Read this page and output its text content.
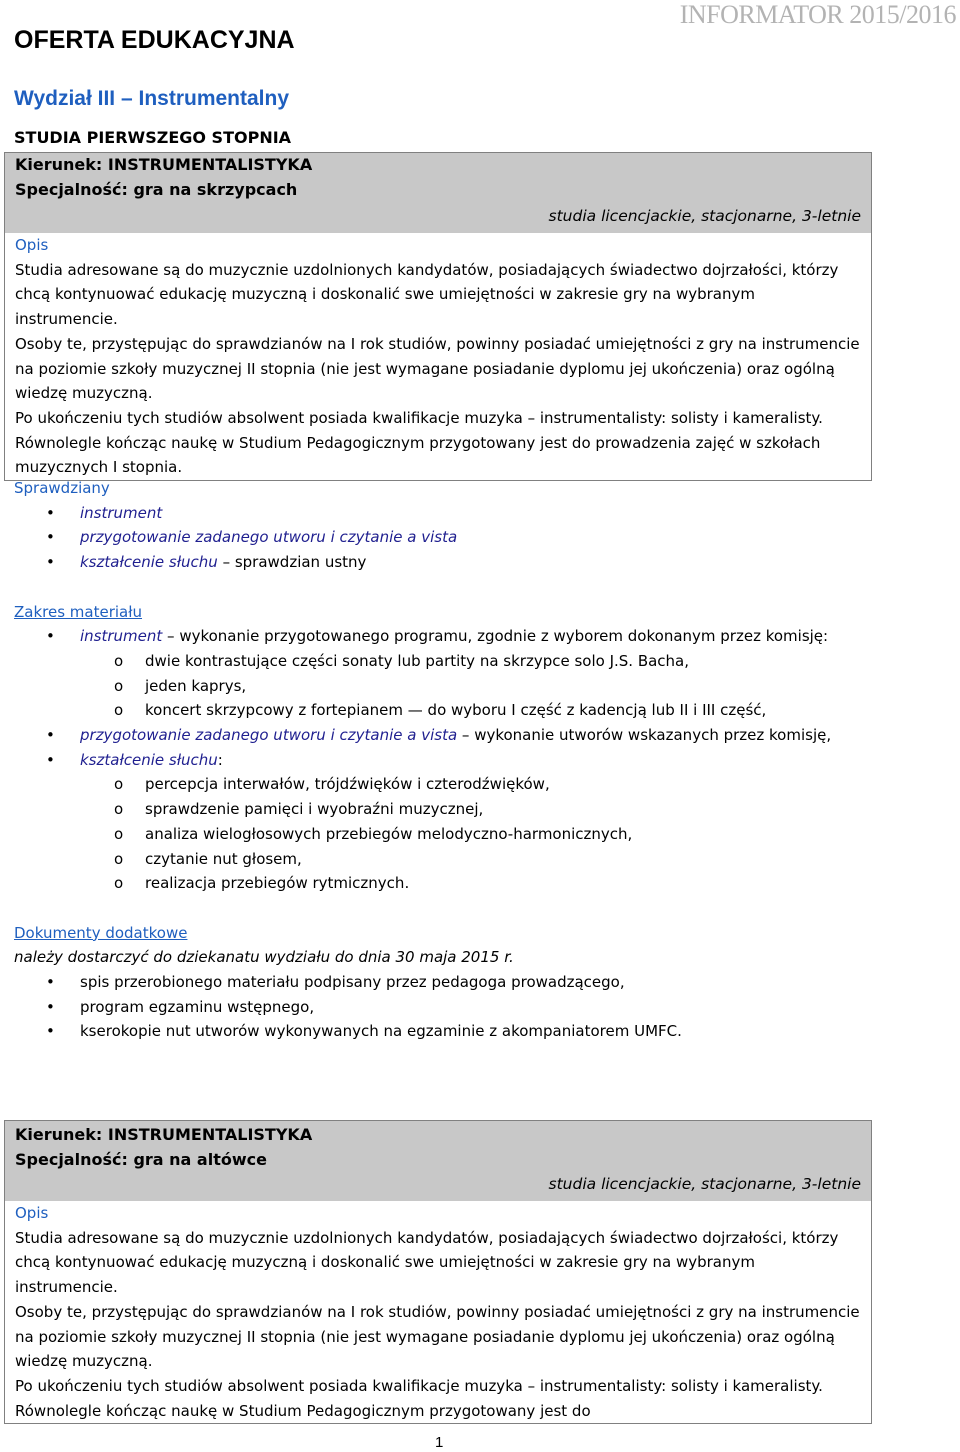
INFORMATOR 2015/2016
OFERTA EDUKACYJNA
Wydział III – Instrumentalny
STUDIA PIERWSZEGO STOPNIA
Kierunek: INSTRUMENTALISTYKA
Specjalność: gra na skrzypcach
studia licencjackie, stacjonarne, 3-letnie
Opis

Studia adresowane są do muzycznie uzdolnionych kandydatów, posiadających świadectwo dojrzałości, którzy chcą kontynuować edukację muzyczną i doskonalić swe umiejętności w zakresie gry na wybranym instrumencie.

Osoby te, przystępując do sprawdzianów na I rok studiów, powinny posiadać umiejętności z gry na instrumencie na poziomie szkoły muzycznej II stopnia (nie jest wymagane posiadanie dyplomu jej ukończenia) oraz ogólną wiedzę muzyczną.

Po ukończeniu tych studiów absolwent posiada kwalifikacje muzyka – instrumentalisty: solisty i kameralisty. Równolegle kończąc naukę w Studium Pedagogicznym przygotowany jest do prowadzenia zajęć w szkołach muzycznych I stopnia.

Sprawdziany
• instrument
• przygotowanie zadanego utworu i czytanie a vista
• kształcenie słuchu – sprawdzian ustny
Zakres materiału
• instrument – wykonanie przygotowanego programu, zgodnie z wyborem dokonanym przez komisję:
o dwie kontrastujące części sonaty lub partity na skrzypce solo J.S. Bacha,
o jeden kaprys,
o koncert skrzypcowy z fortepianem — do wyboru I część z kadencją lub II i III część,
• przygotowanie zadanego utworu i czytanie a vista – wykonanie utworów wskazanych przez komisję,
• kształcenie słuchu:
o percepcja interwałów, trójdźwięków i czterodźwięków,
o sprawdzenie pamięci i wyobraźni muzycznej,
o analiza wielogłosowych przebiegów melodyczno-harmonicznych,
o czytanie nut głosem,
o realizacja przebiegów rytmicznych.
Dokumenty dodatkowe
należy dostarczyć do dziekanatu wydziału do dnia 30 maja 2015 r.
• spis przerobionego materiału podpisany przez pedagoga prowadzącego,
• program egzaminu wstępnego,
• kserokopie nut utworów wykonywanych na egzaminie z akompaniatorem UMFC.
Kierunek: INSTRUMENTALISTYKA
Specjalność: gra na altówce
studia licencjackie, stacjonarne, 3-letnie
Opis

Studia adresowane są do muzycznie uzdolnionych kandydatów, posiadających świadectwo dojrzałości, którzy chcą kontynuować edukację muzyczną i doskonalić swe umiejętności w zakresie gry na wybranym instrumencie.

Osoby te, przystępując do sprawdzianów na I rok studiów, powinny posiadać umiejętności z gry na instrumencie na poziomie szkoły muzycznej II stopnia (nie jest wymagane posiadanie dyplomu jej ukończenia) oraz ogólną wiedzę muzyczną.

Po ukończeniu tych studiów absolwent posiada kwalifikacje muzyka – instrumentalisty: solisty i kameralisty. Równolegle kończąc naukę w Studium Pedagogicznym przygotowany jest do

1
